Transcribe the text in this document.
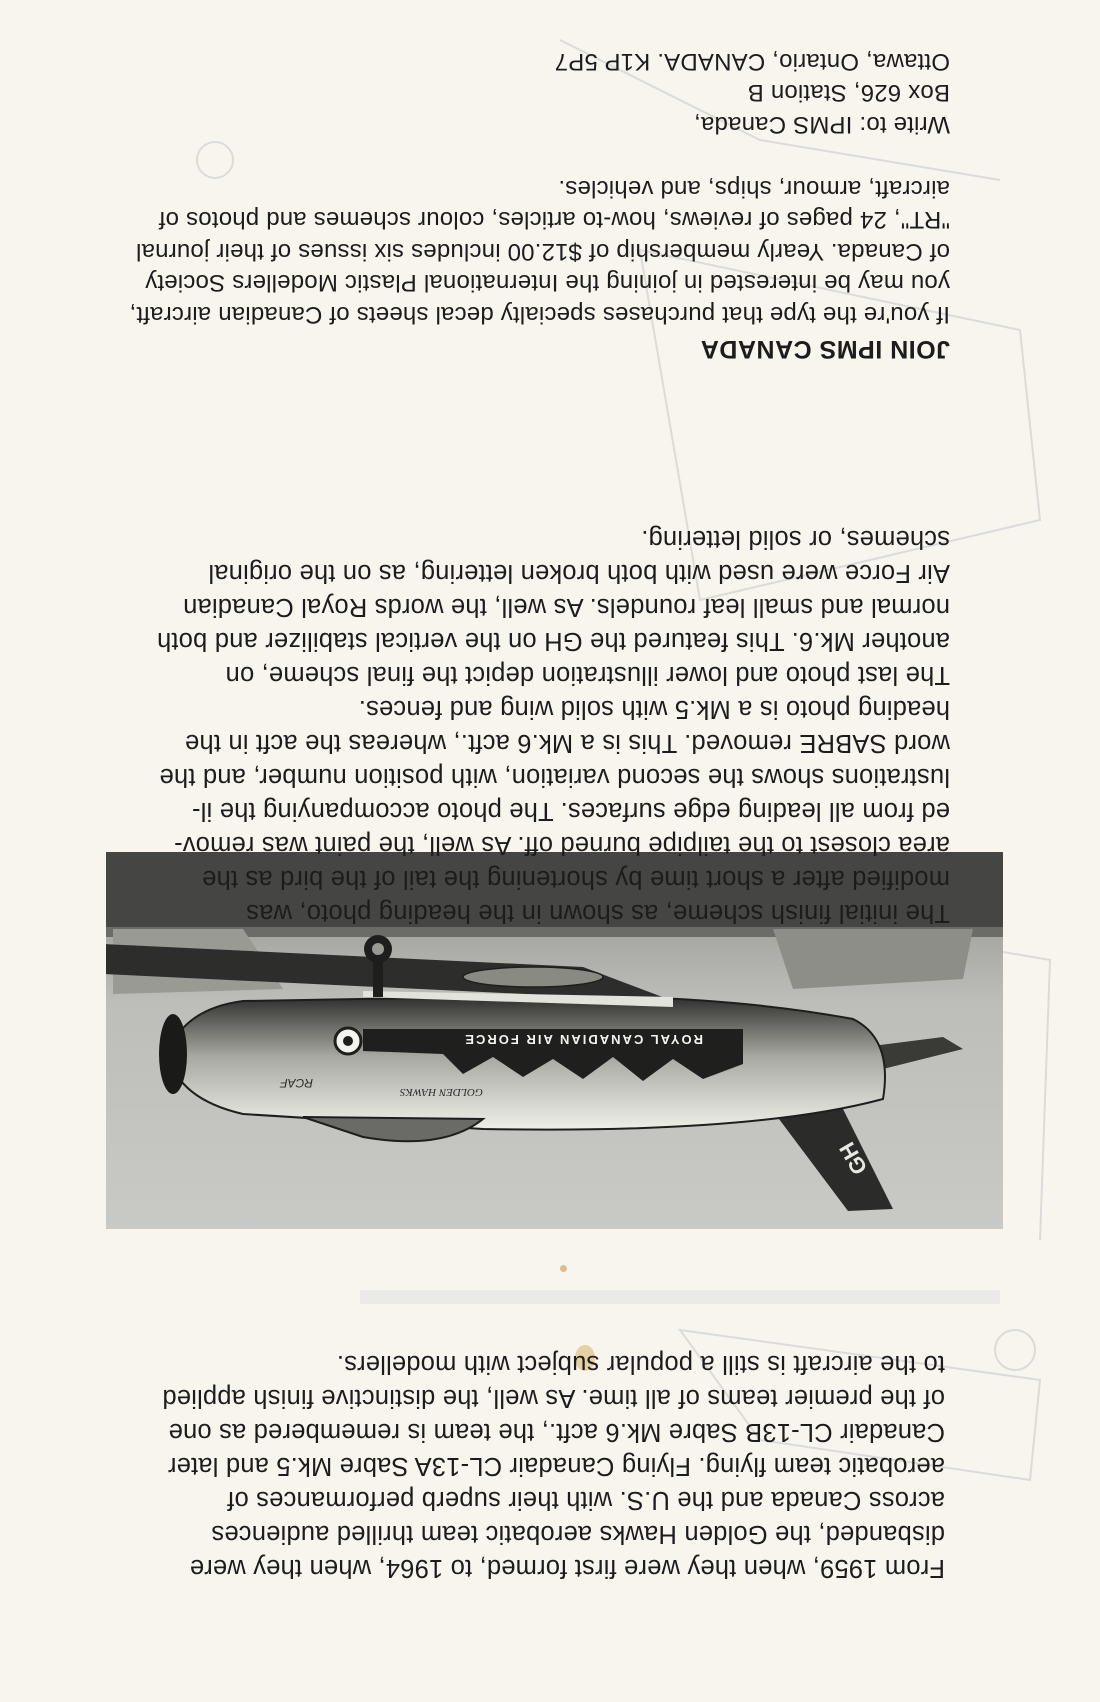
From 1959, when they were first formed, to 1964, when they were
disbanded, the Golden Hawks aerobatic team thrilled audiences
across Canada and the U.S. with their superb performances of
aerobatic team flying. Flying Canadair CL-13A Sabre Mk.5 and later
Canadair CL-13B Sabre Mk.6 acft., the team is remembered as one
of the premier teams of all time. As well, the distinctive finish applied
to the aircraft is still a popular subject with modellers.

GH
ROYAL CANADIAN AIR FORCE
GOLDEN HAWKS
RCAF

The initial finish scheme, as shown in the heading photo, was
modified after a short time by shortening the tail of the bird as the
area closest to the tailpipe burned off. As well, the paint was remov-
ed from all leading edge surfaces. The photo accompanying the il-
lustrations shows the second variation, with position number, and the
word SABRE removed. This is a Mk.6 acft., whereas the acft in the
heading photo is a Mk.5 with solid wing and fences.
The last photo and lower illustration depict the final scheme, on
another Mk.6. This featured the GH on the vertical stabilizer and both
normal and small leaf roundels. As well, the words Royal Canadian
Air Force were used with both broken lettering, as on the original
schemes, or solid lettering.

JOIN IPMS CANADA

If you're the type that purchases specialty decal sheets of Canadian aircraft,
you may be interested in joining the International Plastic Modellers Society
of Canada. Yearly membership of $12.00 includes six issues of their journal
"RT", 24 pages of reviews, how-to articles, colour schemes and photos of
aircraft, armour, ships, and vehicles.

Write to: IPMS Canada,
Box 626, Station B
Ottawa, Ontario, CANADA. K1P 5P7
